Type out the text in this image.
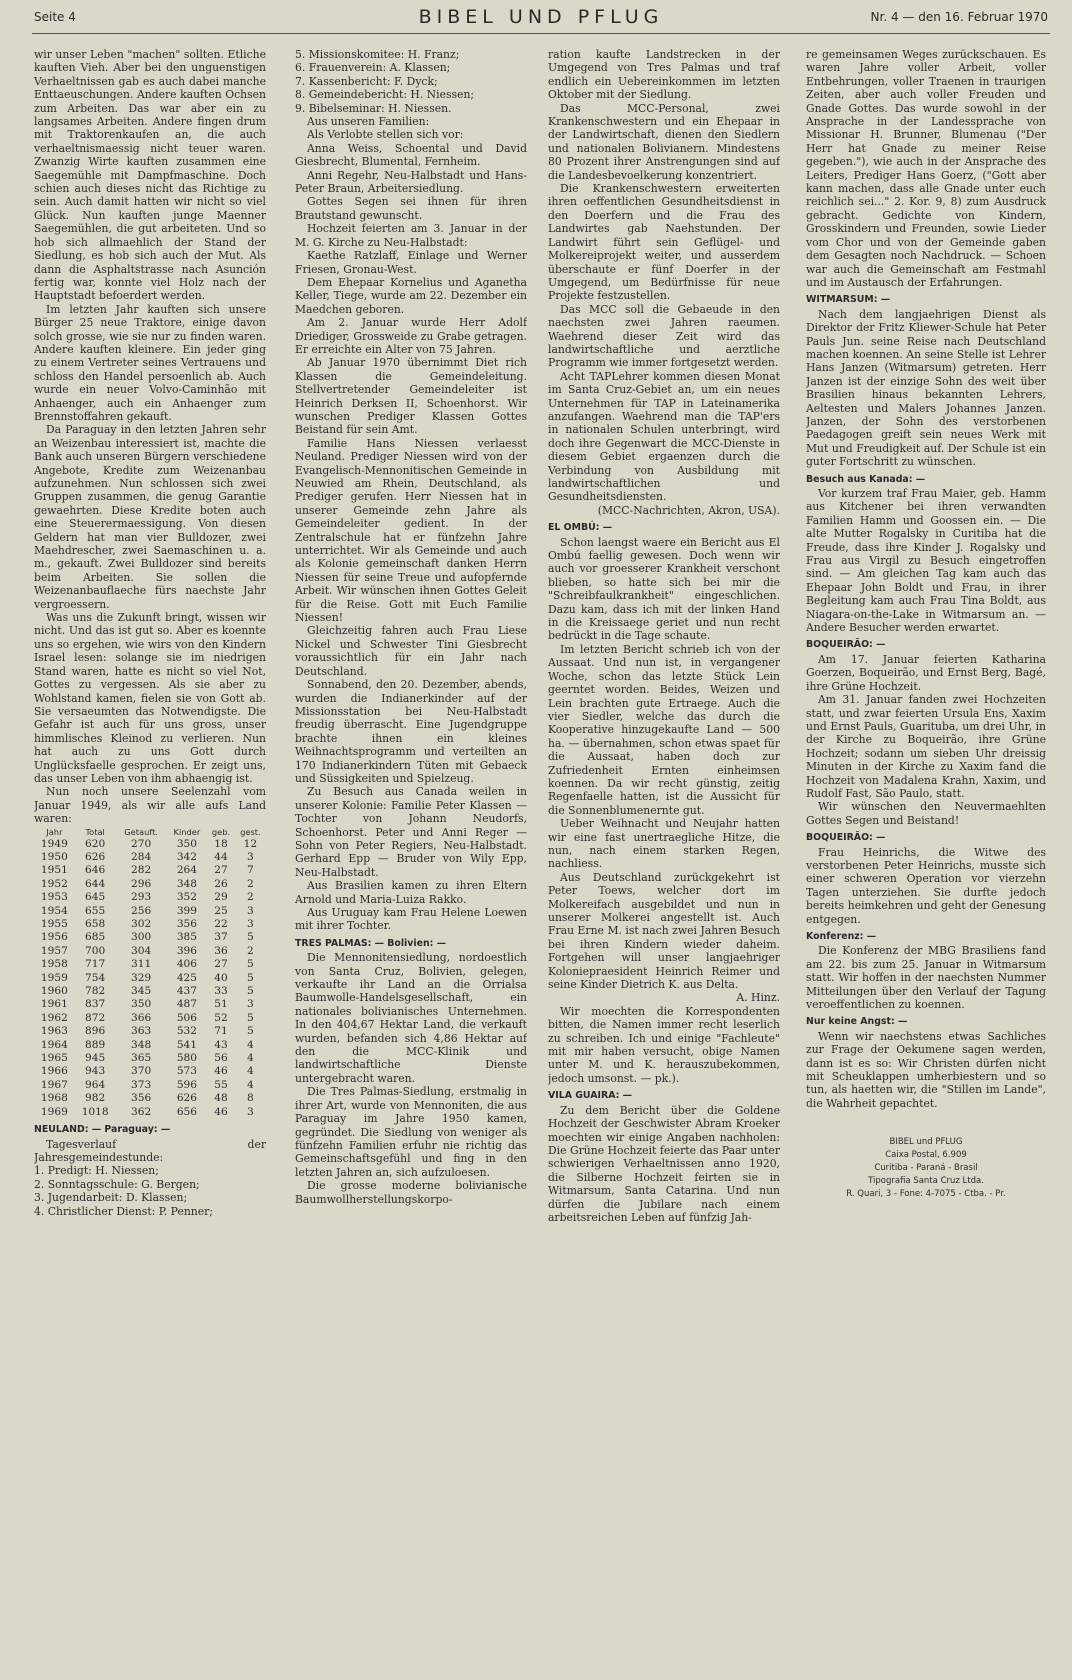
Seite 4	BIBEL UND PFLUG	Nr. 4 — den 16. Februar 1970

wir unser Leben "machen" sollten. Etliche kauften Vieh. Aber bei den unguenstigen Verhaeltnissen gab es auch dabei manche Enttaeuschungen. Andere kauften Ochsen zum Arbeiten. Das war aber ein zu langsames Arbeiten. Andere fingen drum mit Traktorenkaufen an, die auch verhaeltnismaessig nicht teuer waren. Zwanzig Wirte kauften zusammen eine Saegemühle mit Dampfmaschine. Doch schien auch dieses nicht das Richtige zu sein. Auch damit hatten wir nicht so viel Glück. Nun kauften junge Maenner Saegemühlen, die gut arbeiteten. Und so hob sich allmaehlich der Stand der Siedlung, es hob sich auch der Mut. Als dann die Asphaltstrasse nach Asunción fertig war, konnte viel Holz nach der Hauptstadt befoerdert werden.

Im letzten Jahr kauften sich unsere Bürger 25 neue Traktore, einige davon solch grosse, wie sie nur zu finden waren. Andere kauften kleinere. Ein jeder ging zu einem Vertreter seines Vertrauens und schloss den Handel persoenlich ab. Auch wurde ein neuer Volvo-Caminhão mit Anhaenger, auch ein Anhaenger zum Brennstoffahren gekauft.

Da Paraguay in den letzten Jahren sehr an Weizenbau interessiert ist, machte die Bank auch unseren Bürgern verschiedene Angebote, Kredite zum Weizenanbau aufzunehmen. Nun schlossen sich zwei Gruppen zusammen, die genug Garantie gewaehrten. Diese Kredite boten auch eine Steuerermaessigung. Von diesen Geldern hat man vier Bulldozer, zwei Maehdrescher, zwei Saemaschinen u. a. m., gekauft. Zwei Bulldozer sind bereits beim Arbeiten. Sie sollen die Weizenanbauflaeche fürs naechste Jahr vergroessern.

Was uns die Zukunft bringt, wissen wir nicht. Und das ist gut so. Aber es koennte uns so ergehen, wie wirs von den Kindern Israel lesen: solange sie im niedrigen Stand waren, hatte es nicht so viel Not, Gottes zu vergessen. Als sie aber zu Wohlstand kamen, fielen sie von Gott ab. Sie versaeumten das Notwendigste. Die Gefahr ist auch für uns gross, unser himmlisches Kleinod zu verlieren. Nun hat auch zu uns Gott durch Unglücksfaelle gesprochen. Er zeigt uns, das unser Leben von ihm abhaengig ist.

Nun noch unsere Seelenzahl vom Januar 1949, als wir alle aufs Land waren:

Jahr	Total	Getauft.	Kinder	geb.	gest.
1949	620	270	350	18	12
1950	626	284	342	44	3
1951	646	282	264	27	7
1952	644	296	348	26	2
1953	645	293	352	29	2
1954	655	256	399	25	3
1955	658	302	356	22	3
1956	685	300	385	37	5
1957	700	304	396	36	2
1958	717	311	406	27	5
1959	754	329	425	40	5
1960	782	345	437	33	5
1961	837	350	487	51	3
1962	872	366	506	52	5
1963	896	363	532	71	5
1964	889	348	541	43	4
1965	945	365	580	56	4
1966	943	370	573	46	4
1967	964	373	596	55	4
1968	982	356	626	48	8
1969	1018	362	656	46	3
NEULAND: — Paraguay: —

Tagesverlauf der Jahresgemeindestunde:

1. Predigt: H. Niessen;
2. Sonntagsschule: G. Bergen;
3. Jugendarbeit: D. Klassen;
4. Christlicher Dienst: P. Penner;
5. Missionskomitee: H. Franz;
6. Frauenverein: A. Klassen;
7. Kassenbericht: F. Dyck;
8. Gemeindebericht: H. Niessen;
9. Bibelseminar: H. Niessen.

Aus unseren Familien:

Als Verlobte stellen sich vor:

Anna Weiss, Schoental und David Giesbrecht, Blumental, Fernheim.

Anni Regehr, Neu-Halbstadt und Hans-Peter Braun, Arbeitersiedlung.

Gottes Segen sei ihnen für ihren Brautstand gewunscht.

Hochzeit feierten am 3. Januar in der M. G. Kirche zu Neu-Halbstadt:

Kaethe Ratzlaff, Einlage und Werner Friesen, Gronau-West.

Dem Ehepaar Kornelius und Aganetha Keller, Tiege, wurde am 22. Dezember ein Maedchen geboren.

Am 2. Januar wurde Herr Adolf Driediger, Grossweide zu Grabe getragen. Er erreichte ein Alter von 75 Jahren.

Ab Januar 1970 übernimmt Diet rich Klassen die Gemeindeleitung. Stellvertretender Gemeindeleiter ist Heinrich Derksen II, Schoenhorst. Wir wunschen Prediger Klassen Gottes Beistand für sein Amt.

Familie Hans Niessen verlaesst Neuland. Prediger Niessen wird von der Evangelisch-Mennonitischen Gemeinde in Neuwied am Rhein, Deutschland, als Prediger gerufen. Herr Niessen hat in unserer Gemeinde zehn Jahre als Gemeindeleiter gedient. In der Zentralschule hat er fünfzehn Jahre unterrichtet. Wir als Gemeinde und auch als Kolonie gemeinschaft danken Herrn Niessen für seine Treue und aufopfernde Arbeit. Wir wünschen ihnen Gottes Geleit für die Reise. Gott mit Euch Familie Niessen!

Gleichzeitig fahren auch Frau Liese Nickel und Schwester Tini Giesbrecht voraussichtlich für ein Jahr nach Deutschland.

Sonnabend, den 20. Dezember, abends, wurden die Indianerkinder auf der Missionsstation bei Neu-Halbstadt freudig überrascht. Eine Jugendgruppe brachte ihnen ein kleines Weihnachtsprogramm und verteilten an 170 Indianerkindern Tüten mit Gebaeck und Süssigkeiten und Spielzeug.

Zu Besuch aus Canada weilen in unserer Kolonie: Familie Peter Klassen — Tochter von Johann Neudorfs, Schoenhorst. Peter und Anni Reger — Sohn von Peter Regiers, Neu-Halbstadt. Gerhard Epp — Bruder von Wily Epp, Neu-Halbstadt.

Aus Brasilien kamen zu ihren Eltern Arnold und Maria-Luiza Rakko.

Aus Uruguay kam Frau Helene Loewen mit ihrer Tochter.

TRES PALMAS: — Bolivien: —

Die Mennonitensiedlung, nordoestlich von Santa Cruz, Bolivien, gelegen, verkaufte ihr Land an die Orrialsa Baumwolle-Handelsgesellschaft, ein nationales bolivianisches Unternehmen. In den 404,67 Hektar Land, die verkauft wurden, befanden sich 4,86 Hektar auf den die MCC-Klinik und landwirtschaftliche Dienste untergebracht waren.

Die Tres Palmas-Siedlung, erstmalig in ihrer Art, wurde von Mennoniten, die aus Paraguay im Jahre 1950 kamen, gegründet. Die Siedlung von weniger als fünfzehn Familien erfuhr nie richtig das Gemeinschaftsgefühl und fing in den letzten Jahren an, sich aufzuloesen.

Die grosse moderne bolivianische Baumwollherstellungskorpo-

ration kaufte Landstrecken in der Umgegend von Tres Palmas und traf endlich ein Uebereinkommen im letzten Oktober mit der Siedlung.

Das MCC-Personal, zwei Krankenschwestern und ein Ehepaar in der Landwirtschaft, dienen den Siedlern und nationalen Bolivianern. Mindestens 80 Prozent ihrer Anstrengungen sind auf die Landesbevoelkerung konzentriert.

Die Krankenschwestern erweiterten ihren oeffentlichen Gesundheitsdienst in den Doerfern und die Frau des Landwirtes gab Naehstunden. Der Landwirt führt sein Geflügel- und Molkereiprojekt weiter, und ausserdem überschaute er fünf Doerfer in der Umgegend, um Bedürfnisse für neue Projekte festzustellen.

Das MCC soll die Gebaeude in den naechsten zwei Jahren raeumen. Waehrend dieser Zeit wird das landwirtschaftliche und aerztliche Programm wie immer fortgesetzt werden.

Acht TAPLehrer kommen diesen Monat im Santa Cruz-Gebiet an, um ein neues Unternehmen für TAP in Lateinamerika anzufangen. Waehrend man die TAP'ers in nationalen Schulen unterbringt, wird doch ihre Gegenwart die MCC-Dienste in diesem Gebiet ergaenzen durch die Verbindung von Ausbildung mit landwirtschaftlichen und Gesundheitsdiensten.

(MCC-Nachrichten, Akron, USA).

EL OMBÚ: —

Schon laengst waere ein Bericht aus El Ombú faellig gewesen. Doch wenn wir auch vor groesserer Krankheit verschont blieben, so hatte sich bei mir die "Schreibfaulkrankheit" eingeschlichen. Dazu kam, dass ich mit der linken Hand in die Kreissaege geriet und nun recht bedrückt in die Tage schaute.

Im letzten Bericht schrieb ich von der Aussaat. Und nun ist, in vergangener Woche, schon das letzte Stück Lein geerntet worden. Beides, Weizen und Lein brachten gute Ertraege. Auch die vier Siedler, welche das durch die Kooperative hinzugekaufte Land — 500 ha. — übernahmen, schon etwas spaet für die Aussaat, haben doch zur Zufriedenheit Ernten einheimsen koennen. Da wir recht günstig, zeitig Regenfaelle hatten, ist die Aussicht für die Sonnenblumenernte gut.

Ueber Weihnacht und Neujahr hatten wir eine fast unertraegliche Hitze, die nun, nach einem starken Regen, nachliess.

Aus Deutschland zurückgekehrt ist Peter Toews, welcher dort im Molkereifach ausgebildet und nun in unserer Molkerei angestellt ist. Auch Frau Erne M. ist nach zwei Jahren Besuch bei ihren Kindern wieder daheim. Fortgehen will unser langjaehriger Koloniepraesident Heinrich Reimer und seine Kinder Dietrich K. aus Delta.

A. Hinz.

Wir moechten die Korrespondenten bitten, die Namen immer recht leserlich zu schreiben. Ich und einige "Fachleute" mit mir haben versucht, obige Namen unter M. und K. herauszubekommen, jedoch umsonst. — pk.).

VILA GUAIRA: —

Zu dem Bericht über die Goldene Hochzeit der Geschwister Abram Kroeker moechten wir einige Angaben nachholen: Die Grüne Hochzeit feierte das Paar unter schwierigen Verhaeltnissen anno 1920, die Silberne Hochzeit feirten sie in Witmarsum, Santa Catarina. Und nun dürfen die Jubilare nach einem arbeitsreichen Leben auf fünfzig Jah-

re gemeinsamen Weges zurückschauen. Es waren Jahre voller Arbeit, voller Entbehrungen, voller Traenen in traurigen Zeiten, aber auch voller Freuden und Gnade Gottes. Das wurde sowohl in der Ansprache in der Landessprache von Missionar H. Brunner, Blumenau ("Der Herr hat Gnade zu meiner Reise gegeben."), wie auch in der Ansprache des Leiters, Prediger Hans Goerz, ("Gott aber kann machen, dass alle Gnade unter euch reichlich sei..." 2. Kor. 9, 8) zum Ausdruck gebracht. Gedichte von Kindern, Grosskindern und Freunden, sowie Lieder vom Chor und von der Gemeinde gaben dem Gesagten noch Nachdruck. — Schoen war auch die Gemeinschaft am Festmahl und im Austausch der Erfahrungen.

WITMARSUM: —

Nach dem langjaehrigen Dienst als Direktor der Fritz Kliewer-Schule hat Peter Pauls Jun. seine Reise nach Deutschland machen koennen. An seine Stelle ist Lehrer Hans Janzen (Witmarsum) getreten. Herr Janzen ist der einzige Sohn des weit über Brasilien hinaus bekannten Lehrers, Aeltesten und Malers Johannes Janzen. Janzen, der Sohn des verstorbenen Paedagogen greift sein neues Werk mit Mut und Freudigkeit auf. Der Schule ist ein guter Fortschritt zu wünschen.

Besuch aus Kanada: —

Vor kurzem traf Frau Maier, geb. Hamm aus Kitchener bei ihren verwandten Familien Hamm und Goossen ein. — Die alte Mutter Rogalsky in Curitiba hat die Freude, dass ihre Kinder J. Rogalsky und Frau aus Virgil zu Besuch eingetroffen sind. — Am gleichen Tag kam auch das Ehepaar John Boldt und Frau, in ihrer Begleitung kam auch Frau Tina Boldt, aus Niagara-on-the-Lake in Witmarsum an. — Andere Besucher werden erwartet.

BOQUEIRÃO: —

Am 17. Januar feierten Katharina Goerzen, Boqueirão, und Ernst Berg, Bagé, ihre Grüne Hochzeit.

Am 31. Januar fanden zwei Hochzeiten statt, und zwar feierten Ursula Ens, Xaxim und Ernst Pauls, Guarituba, um drei Uhr, in der Kirche zu Boqueirão, ihre Grüne Hochzeit; sodann um sieben Uhr dreissig Minuten in der Kirche zu Xaxim fand die Hochzeit von Madalena Krahn, Xaxim, und Rudolf Fast, São Paulo, statt.

Wir wünschen den Neuvermaehlten Gottes Segen und Beistand!

BOQUEIRÃO: —

Frau Heinrichs, die Witwe des verstorbenen Peter Heinrichs, musste sich einer schweren Operation vor vierzehn Tagen unterziehen. Sie durfte jedoch bereits heimkehren und geht der Genesung entgegen.

Konferenz: —

Die Konferenz der MBG Brasiliens fand am 22. bis zum 25. Januar in Witmarsum statt. Wir hoffen in der naechsten Nummer Mitteilungen über den Verlauf der Tagung veroeffentlichen zu koennen.

Nur keine Angst: —

Wenn wir naechstens etwas Sachliches zur Frage der Oekumene sagen werden, dann ist es so: Wir Christen dürfen nicht mit Scheuklappen umherbiestern und so tun, als haetten wir, die "Stillen im Lande", die Wahrheit gepachtet.

BIBEL und PFLUG
Caixa Postal, 6.909
Curitiba - Paraná - Brasil
Tipografia Santa Cruz Ltda.
R. Quari, 3 - Fone: 4-7075 - Ctba. - Pr.
